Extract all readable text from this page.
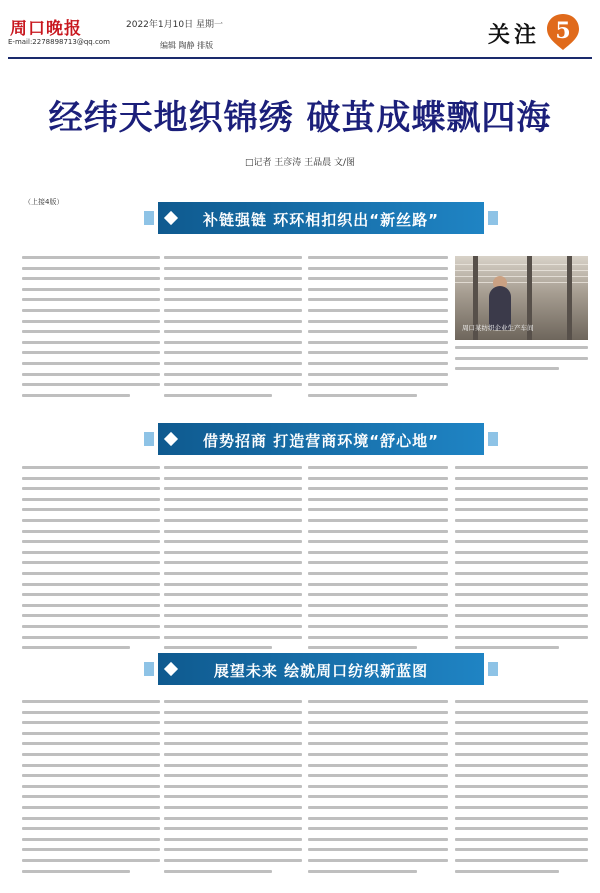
周口晚报	2022年1月10日 星期一
E-mail:2278898713@qq.com	编辑 陶静 排版	关注 5
经纬天地织锦绣 破茧成蝶飘四海
□记者 王彦涛 王晶晨 文/图
（上接4版）
补链强链 环环相扣织出“新丝路”
借势招商 打造营商环境“舒心地”
展望未来 绘就周口纺织新蓝图
周口某纺织企业生产车间
